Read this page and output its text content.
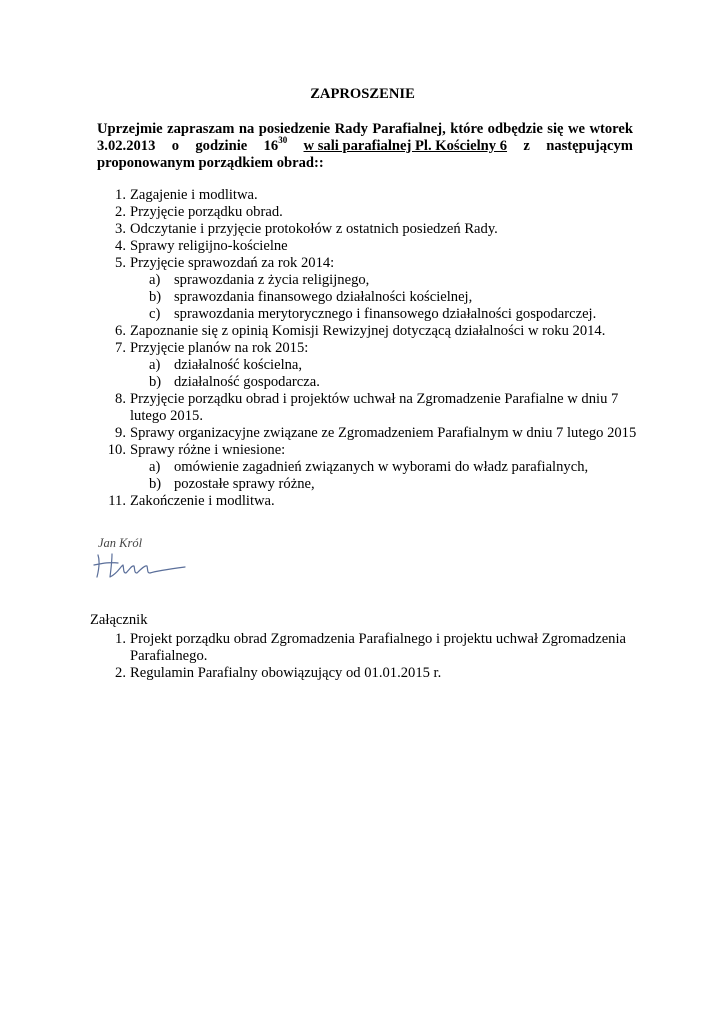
ZAPROSZENIE
Uprzejmie zapraszam na posiedzenie Rady Parafialnej, które odbędzie się we wtorek
3.02.2013 o godzinie $16^{30}$ w sali parafialnej Pl. Kościelny 6 z następującym
proponowanym porządkiem obrad::
1. Zagajenie i modlitwa.
2. Przyjęcie porządku obrad.
3. Odczytanie i przyjęcie protokołów z ostatnich posiedzeń Rady.
4. Sprawy religijno-kościelne
5. Przyjęcie sprawozdań za rok 2014:
a) sprawozdania z życia religijnego,
b) sprawozdania finansowego działalności kościelnej,
c) sprawozdania merytorycznego i finansowego działalności gospodarczej.
6. Zapoznanie się z opinią Komisji Rewizyjnej dotyczącą działalności w roku 2014.
7. Przyjęcie planów na rok 2015:
a) działalność kościelna,
b) działalność gospodarcza.
8. Przyjęcie porządku obrad i projektów uchwał na Zgromadzenie Parafialne w dniu 7
lutego 2015.
9. Sprawy organizacyjne związane ze Zgromadzeniem Parafialnym w dniu 7 lutego 2015
10. Sprawy różne i wniesione:
a) omówienie zagadnień związanych w wyborami do władz parafialnych,
b) pozostałe sprawy różne,
11. Zakończenie i modlitwa.
Jan Król
Załącznik
1. Projekt porządku obrad Zgromadzenia Parafialnego i projektu uchwał Zgromadzenia
Parafialnego.
2. Regulamin Parafialny obowiązujący od 01.01.2015 r.
